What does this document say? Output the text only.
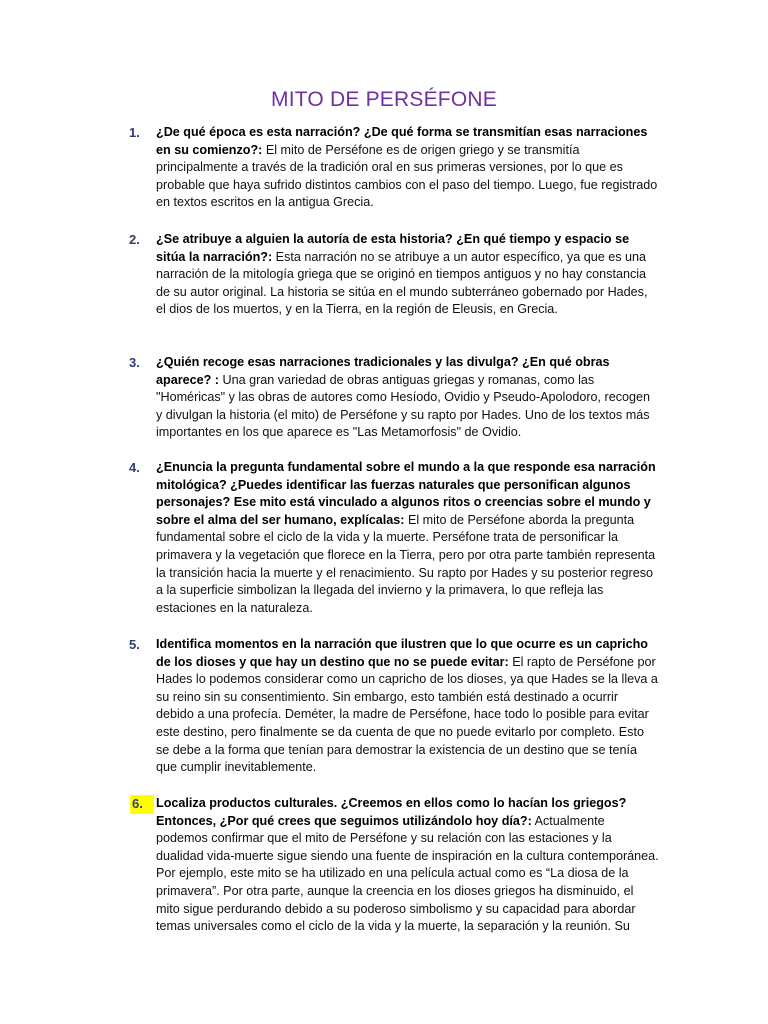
MITO DE PERSÉFONE
1.	¿De qué época es esta narración? ¿De qué forma se transmitían esas narraciones en su comienzo?: El mito de Perséfone es de origen griego y se transmitía principalmente a través de la tradición oral en sus primeras versiones, por lo que es probable que haya sufrido distintos cambios con el paso del tiempo. Luego, fue registrado en textos escritos en la antigua Grecia.
2.	¿Se atribuye a alguien la autoría de esta historia? ¿En qué tiempo y espacio se sitúa la narración?: Esta narración no se atribuye a un autor específico, ya que es una narración de la mitología griega que se originó en tiempos antiguos y no hay constancia de su autor original. La historia se sitúa en el mundo subterráneo gobernado por Hades, el dios de los muertos, y en la Tierra, en la región de Eleusis, en Grecia.
3.	¿Quién recoge esas narraciones tradicionales y las divulga? ¿En qué obras aparece? : Una gran variedad de obras antiguas griegas y romanas, como las "Homéricas" y las obras de autores como Hesíodo, Ovidio y Pseudo-Apolodoro, recogen y divulgan la historia (el mito) de Perséfone y su rapto por Hades. Uno de los textos más importantes en los que aparece es "Las Metamorfosis" de Ovidio.
4.	¿Enuncia la pregunta fundamental sobre el mundo a la que responde esa narración mitológica? ¿Puedes identificar las fuerzas naturales que personifican algunos personajes? Ese mito está vinculado a algunos ritos o creencias sobre el mundo y sobre el alma del ser humano, explícalas: El mito de Perséfone aborda la pregunta fundamental sobre el ciclo de la vida y la muerte. Perséfone trata de personificar la primavera y la vegetación que florece en la Tierra, pero por otra parte también representa la transición hacia la muerte y el renacimiento. Su rapto por Hades y su posterior regreso a la superficie simbolizan la llegada del invierno y la primavera, lo que refleja las estaciones en la naturaleza.
5.	Identifica momentos en la narración que ilustren que lo que ocurre es un capricho de los dioses y que hay un destino que no se puede evitar: El rapto de Perséfone por Hades lo podemos considerar como un capricho de los dioses, ya que Hades se la lleva a su reino sin su consentimiento. Sin embargo, esto también está destinado a ocurrir debido a una profecía. Deméter, la madre de Perséfone, hace todo lo posible para evitar este destino, pero finalmente se da cuenta de que no puede evitarlo por completo. Esto se debe a la forma que tenían para demostrar la existencia de un destino que se tenía que cumplir inevitablemente.
6.	Localiza productos culturales. ¿Creemos en ellos como lo hacían los griegos? Entonces, ¿Por qué crees que seguimos utilizándolo hoy día?: Actualmente podemos confirmar que el mito de Perséfone y su relación con las estaciones y la dualidad vida-muerte sigue siendo una fuente de inspiración en la cultura contemporánea. Por ejemplo, este mito se ha utilizado en una película actual como es “La diosa de la primavera”. Por otra parte, aunque la creencia en los dioses griegos ha disminuido, el mito sigue perdurando debido a su poderoso simbolismo y su capacidad para abordar temas universales como el ciclo de la vida y la muerte, la separación y la reunión. Su
